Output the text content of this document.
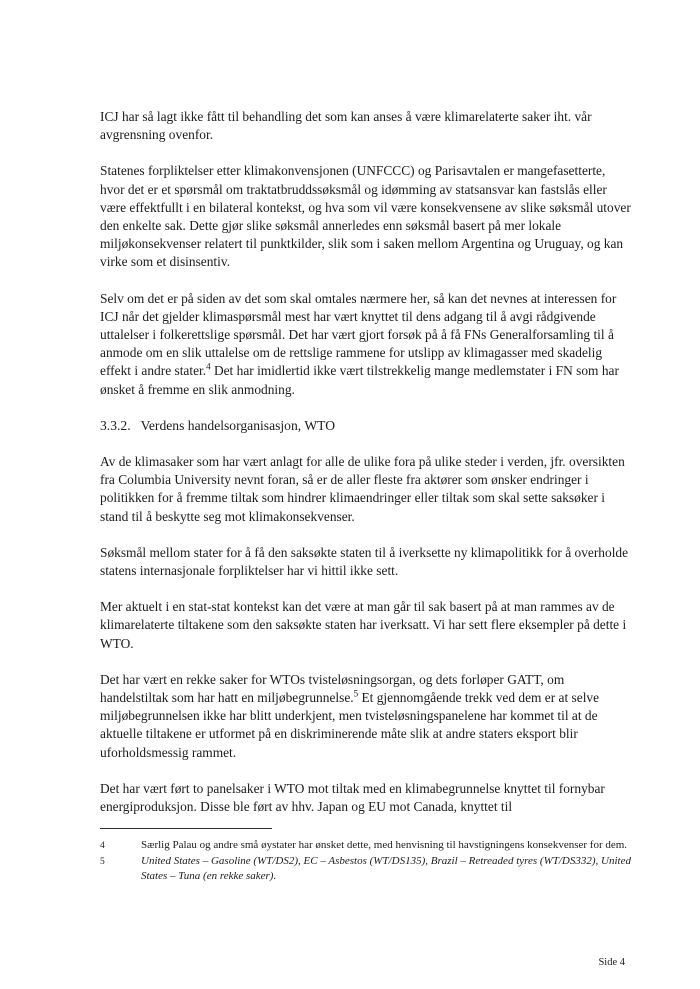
ICJ har så lagt ikke fått til behandling det som kan anses å være klimarelaterte saker iht. vår avgrensning ovenfor.

Statenes forpliktelser etter klimakonvensjonen (UNFCCC) og Parisavtalen er mangefasetterte, hvor det er et spørsmål om traktatbruddssøksmål og idømming av statsansvar kan fastslås eller være effektfullt i en bilateral kontekst, og hva som vil være konsekvensene av slike søksmål utover den enkelte sak. Dette gjør slike søksmål annerledes enn søksmål basert på mer lokale miljøkonsekvenser relatert til punktkilder, slik som i saken mellom Argentina og Uruguay, og kan virke som et disinsentiv.

Selv om det er på siden av det som skal omtales nærmere her, så kan det nevnes at interessen for ICJ når det gjelder klimaspørsmål mest har vært knyttet til dens adgang til å avgi rådgivende uttalelser i folkerettslige spørsmål. Det har vært gjort forsøk på å få FNs Generalforsamling til å anmode om en slik uttalelse om de rettslige rammene for utslipp av klimagasser med skadelig effekt i andre stater.$^4$ Det har imidlertid ikke vært tilstrekkelig mange medlemstater i FN som har ønsket å fremme en slik anmodning.

3.3.2. Verdens handelsorganisasjon, WTO

Av de klimasaker som har vært anlagt for alle de ulike fora på ulike steder i verden, jfr. oversikten fra Columbia University nevnt foran, så er de aller fleste fra aktører som ønsker endringer i politikken for å fremme tiltak som hindrer klimaendringer eller tiltak som skal sette saksøker i stand til å beskytte seg mot klimakonsekvenser.

Søksmål mellom stater for å få den saksøkte staten til å iverksette ny klimapolitikk for å overholde statens internasjonale forpliktelser har vi hittil ikke sett.

Mer aktuelt i en stat-stat kontekst kan det være at man går til sak basert på at man rammes av de klimarelaterte tiltakene som den saksøkte staten har iverksatt. Vi har sett flere eksempler på dette i WTO.

Det har vært en rekke saker for WTOs tvisteløsningsorgan, og dets forløper GATT, om handelstiltak som har hatt en miljøbegrunnelse.$^5$ Et gjennomgående trekk ved dem er at selve miljøbegrunnelsen ikke har blitt underkjent, men tvisteløsningspanelene har kommet til at de aktuelle tiltakene er utformet på en diskriminerende måte slik at andre staters eksport blir uforholdsmessig rammet.

Det har vært ført to panelsaker i WTO mot tiltak med en klimabegrunnelse knyttet til fornybar energiproduksjon. Disse ble ført av hhv. Japan og EU mot Canada, knyttet til

4	Særlig Palau og andre små øystater har ønsket dette, med henvisning til havstigningens konsekvenser for dem.
5	United States – Gasoline (WT/DS2), EC – Asbestos (WT/DS135), Brazil – Retreaded tyres (WT/DS332), United States – Tuna (en rekke saker).
Side 4
